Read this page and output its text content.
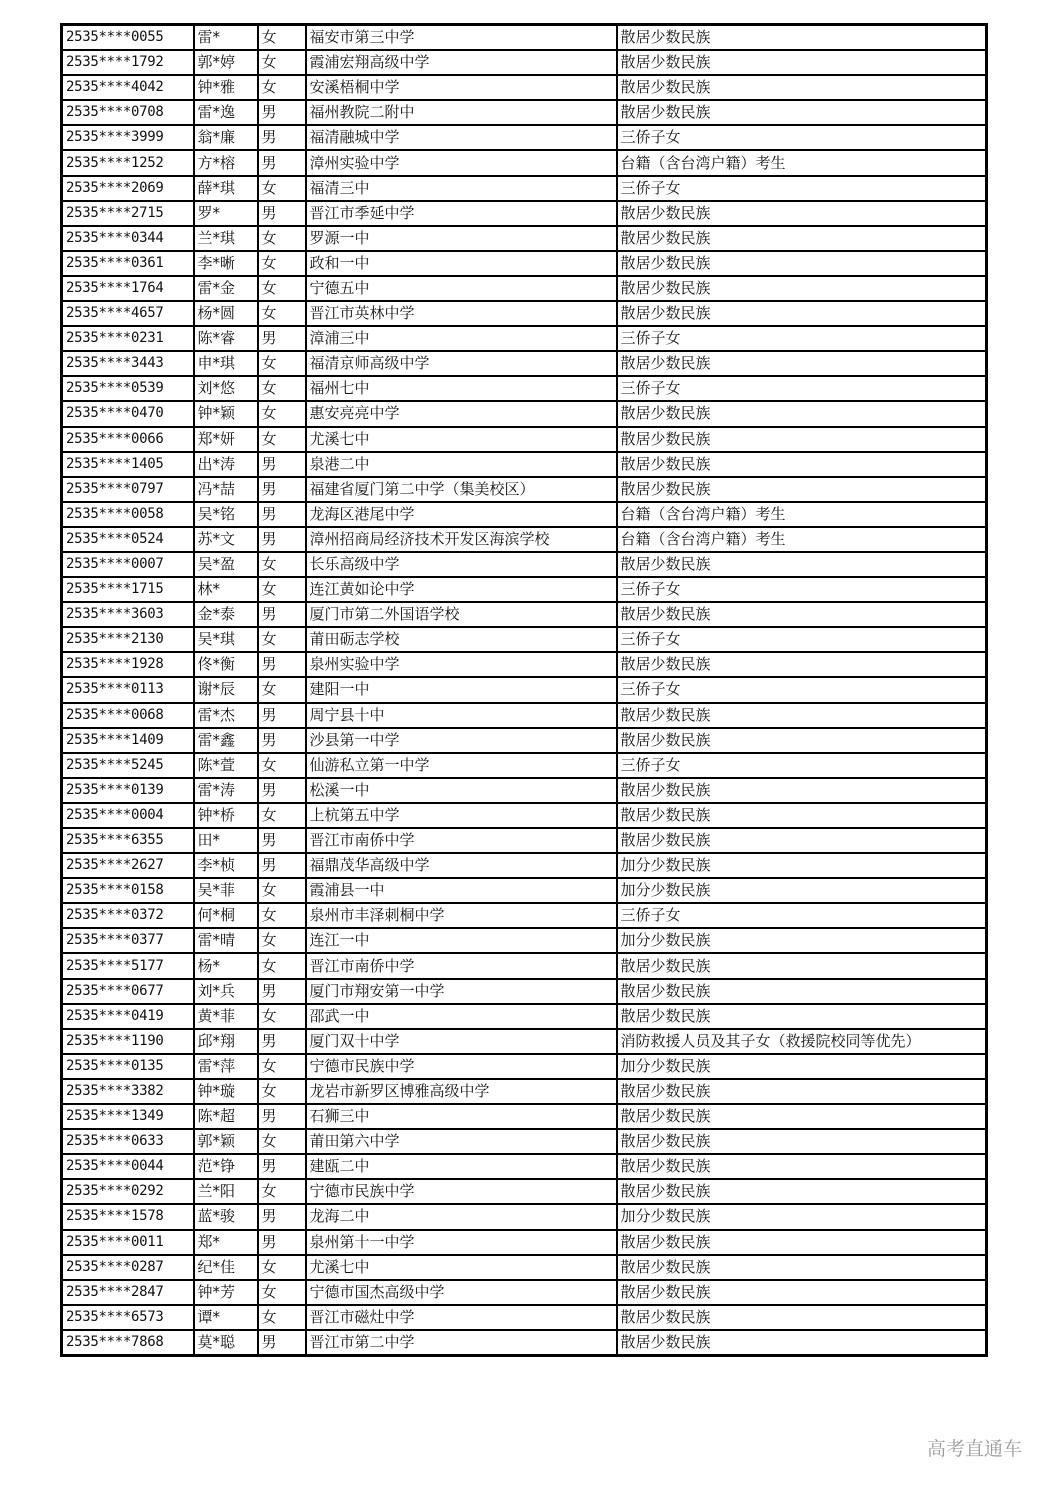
2535****0055	雷*	女	福安市第三中学	散居少数民族
2535****1792	郭*婷	女	霞浦宏翔高级中学	散居少数民族
2535****4042	钟*雅	女	安溪梧桐中学	散居少数民族
2535****0708	雷*逸	男	福州教院二附中	散居少数民族
2535****3999	翁*廉	男	福清融城中学	三侨子女
2535****1252	方*榕	男	漳州实验中学	台籍（含台湾户籍）考生
2535****2069	薛*琪	女	福清三中	三侨子女
2535****2715	罗*	男	晋江市季延中学	散居少数民族
2535****0344	兰*琪	女	罗源一中	散居少数民族
2535****0361	李*晰	女	政和一中	散居少数民族
2535****1764	雷*金	女	宁德五中	散居少数民族
2535****4657	杨*圆	女	晋江市英林中学	散居少数民族
2535****0231	陈*睿	男	漳浦三中	三侨子女
2535****3443	申*琪	女	福清京师高级中学	散居少数民族
2535****0539	刘*悠	女	福州七中	三侨子女
2535****0470	钟*颖	女	惠安亮亮中学	散居少数民族
2535****0066	郑*妍	女	尤溪七中	散居少数民族
2535****1405	出*涛	男	泉港二中	散居少数民族
2535****0797	冯*喆	男	福建省厦门第二中学（集美校区）	散居少数民族
2535****0058	吴*铭	男	龙海区港尾中学	台籍（含台湾户籍）考生
2535****0524	苏*文	男	漳州招商局经济技术开发区海滨学校	台籍（含台湾户籍）考生
2535****0007	吴*盈	女	长乐高级中学	散居少数民族
2535****1715	林*	女	连江黄如论中学	三侨子女
2535****3603	金*泰	男	厦门市第二外国语学校	散居少数民族
2535****2130	吴*琪	女	莆田砺志学校	三侨子女
2535****1928	佟*衡	男	泉州实验中学	散居少数民族
2535****0113	谢*辰	女	建阳一中	三侨子女
2535****0068	雷*杰	男	周宁县十中	散居少数民族
2535****1409	雷*鑫	男	沙县第一中学	散居少数民族
2535****5245	陈*萱	女	仙游私立第一中学	三侨子女
2535****0139	雷*涛	男	松溪一中	散居少数民族
2535****0004	钟*桥	女	上杭第五中学	散居少数民族
2535****6355	田*	男	晋江市南侨中学	散居少数民族
2535****2627	李*桢	男	福鼎茂华高级中学	加分少数民族
2535****0158	吴*菲	女	霞浦县一中	加分少数民族
2535****0372	何*桐	女	泉州市丰泽刺桐中学	三侨子女
2535****0377	雷*晴	女	连江一中	加分少数民族
2535****5177	杨*	女	晋江市南侨中学	散居少数民族
2535****0677	刘*兵	男	厦门市翔安第一中学	散居少数民族
2535****0419	黄*菲	女	邵武一中	散居少数民族
2535****1190	邱*翔	男	厦门双十中学	消防救援人员及其子女（救援院校同等优先）
2535****0135	雷*萍	女	宁德市民族中学	加分少数民族
2535****3382	钟*璇	女	龙岩市新罗区博雅高级中学	散居少数民族
2535****1349	陈*超	男	石狮三中	散居少数民族
2535****0633	郭*颖	女	莆田第六中学	散居少数民族
2535****0044	范*铮	男	建瓯二中	散居少数民族
2535****0292	兰*阳	女	宁德市民族中学	散居少数民族
2535****1578	蓝*骏	男	龙海二中	加分少数民族
2535****0011	郑*	男	泉州第十一中学	散居少数民族
2535****0287	纪*佳	女	尤溪七中	散居少数民族
2535****2847	钟*芳	女	宁德市国杰高级中学	散居少数民族
2535****6573	谭*	女	晋江市磁灶中学	散居少数民族
2535****7868	莫*聪	男	晋江市第二中学	散居少数民族
高考直通车
